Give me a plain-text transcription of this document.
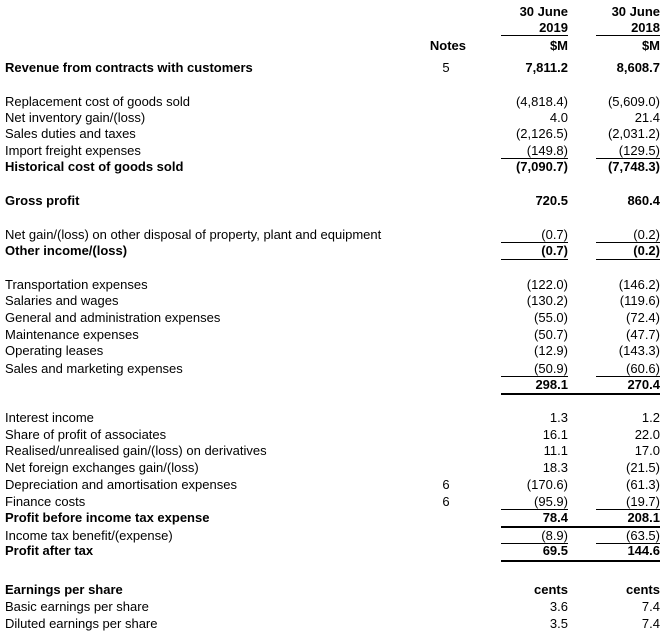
30 June
2019
30 June
2018
Notes	$M	$M
Revenue from contracts with customers	5	7,811.2	8,608.7
Replacement cost of goods sold	(4,818.4)	(5,609.0)
Net inventory gain/(loss)	4.0	21.4
Sales duties and taxes	(2,126.5)	(2,031.2)
Import freight expenses	(149.8)	(129.5)
Historical cost of goods sold	(7,090.7)	(7,748.3)
Gross profit	720.5	860.4
Net gain/(loss) on other disposal of property, plant and equipment	(0.7)	(0.2)
Other income/(loss)	(0.7)	(0.2)
Transportation expenses	(122.0)	(146.2)
Salaries and wages	(130.2)	(119.6)
General and administration expenses	(55.0)	(72.4)
Maintenance expenses	(50.7)	(47.7)
Operating leases	(12.9)	(143.3)
Sales and marketing expenses	(50.9)	(60.6)
298.1	270.4
Interest income	1.3	1.2
Share of profit of associates	16.1	22.0
Realised/unrealised gain/(loss) on derivatives	11.1	17.0
Net foreign exchanges gain/(loss)	18.3	(21.5)
Depreciation and amortisation expenses	6	(170.6)	(61.3)
Finance costs	6	(95.9)	(19.7)
Profit before income tax expense	78.4	208.1
Income tax benefit/(expense)	(8.9)	(63.5)
Profit after tax	69.5	144.6
Earnings per share	cents	cents
Basic earnings per share	3.6	7.4
Diluted earnings per share	3.5	7.4
